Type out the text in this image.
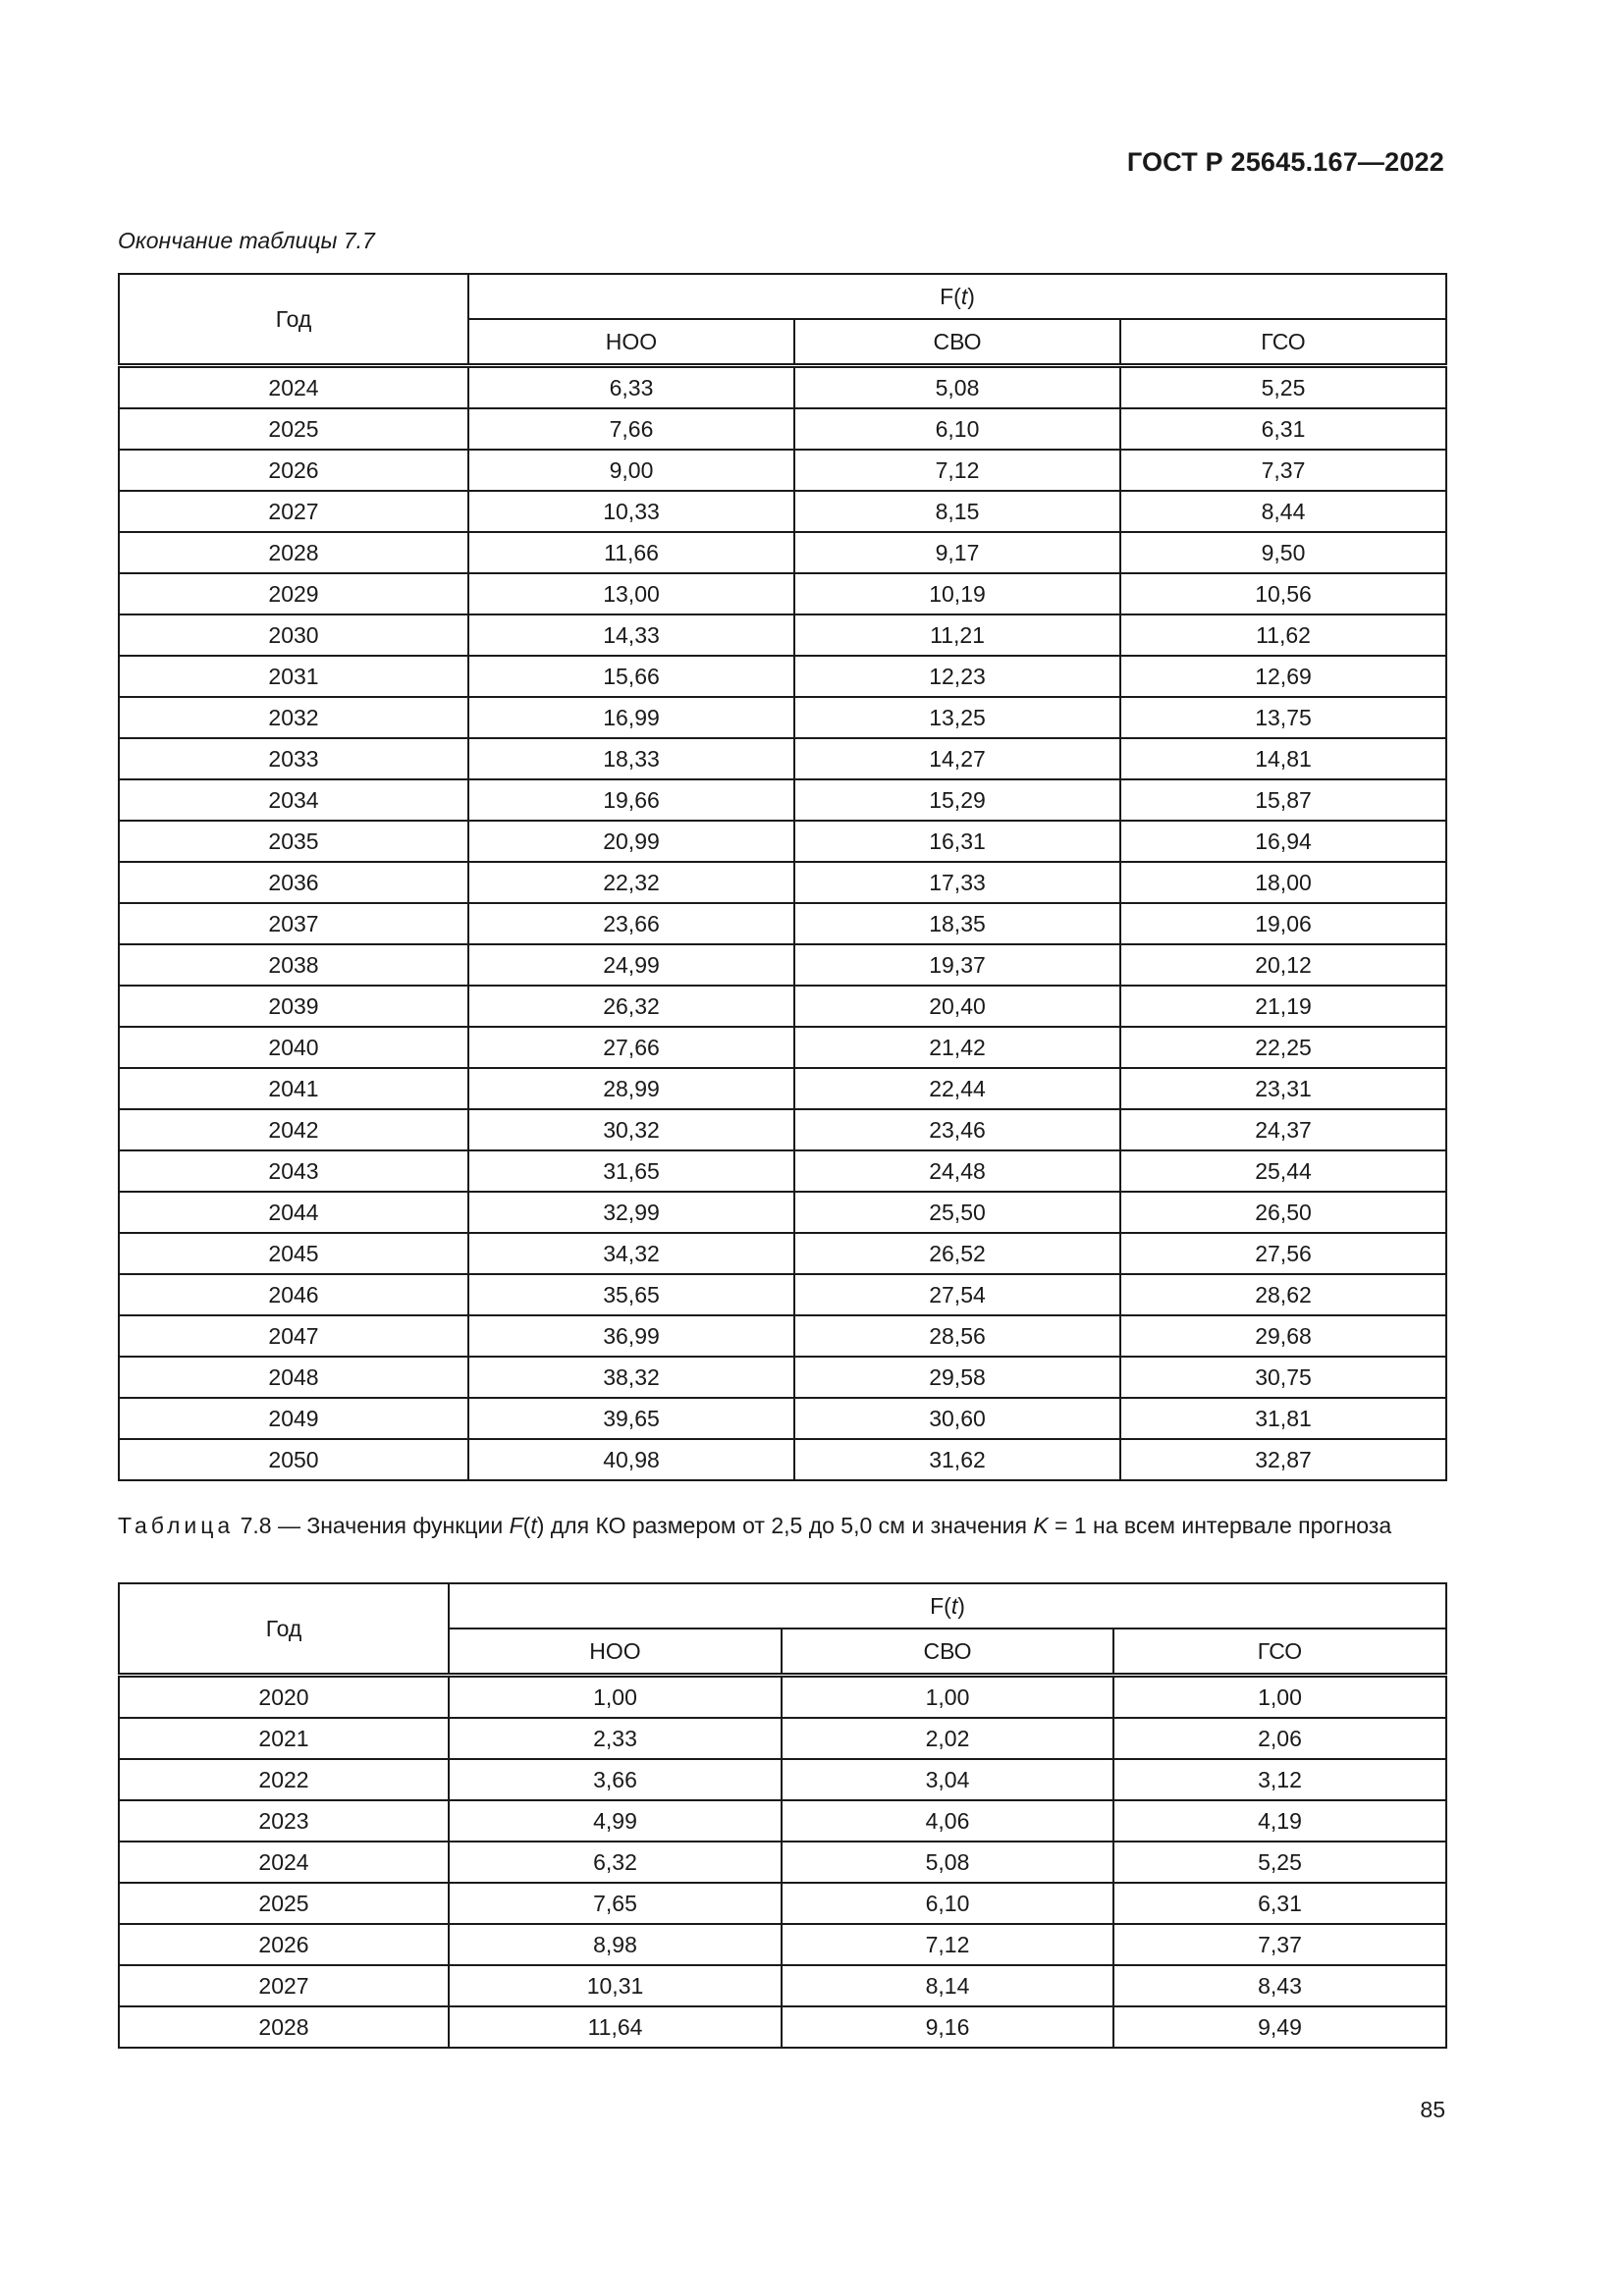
ГОСТ Р 25645.167—2022
Окончание таблицы 7.7
Год	F(t)		
	НОО	СВО	ГСО
2024	6,33	5,08	5,25
2025	7,66	6,10	6,31
2026	9,00	7,12	7,37
2027	10,33	8,15	8,44
2028	11,66	9,17	9,50
2029	13,00	10,19	10,56
2030	14,33	11,21	11,62
2031	15,66	12,23	12,69
2032	16,99	13,25	13,75
2033	18,33	14,27	14,81
2034	19,66	15,29	15,87
2035	20,99	16,31	16,94
2036	22,32	17,33	18,00
2037	23,66	18,35	19,06
2038	24,99	19,37	20,12
2039	26,32	20,40	21,19
2040	27,66	21,42	22,25
2041	28,99	22,44	23,31
2042	30,32	23,46	24,37
2043	31,65	24,48	25,44
2044	32,99	25,50	26,50
2045	34,32	26,52	27,56
2046	35,65	27,54	28,62
2047	36,99	28,56	29,68
2048	38,32	29,58	30,75
2049	39,65	30,60	31,81
2050	40,98	31,62	32,87
Таблица 7.8 — Значения функции F(t) для КО размером от 2,5 до 5,0 см и значения K = 1 на всем интервале прогноза
Год	F(t)		
	НОО	СВО	ГСО
2020	1,00	1,00	1,00
2021	2,33	2,02	2,06
2022	3,66	3,04	3,12
2023	4,99	4,06	4,19
2024	6,32	5,08	5,25
2025	7,65	6,10	6,31
2026	8,98	7,12	7,37
2027	10,31	8,14	8,43
2028	11,64	9,16	9,49
85
